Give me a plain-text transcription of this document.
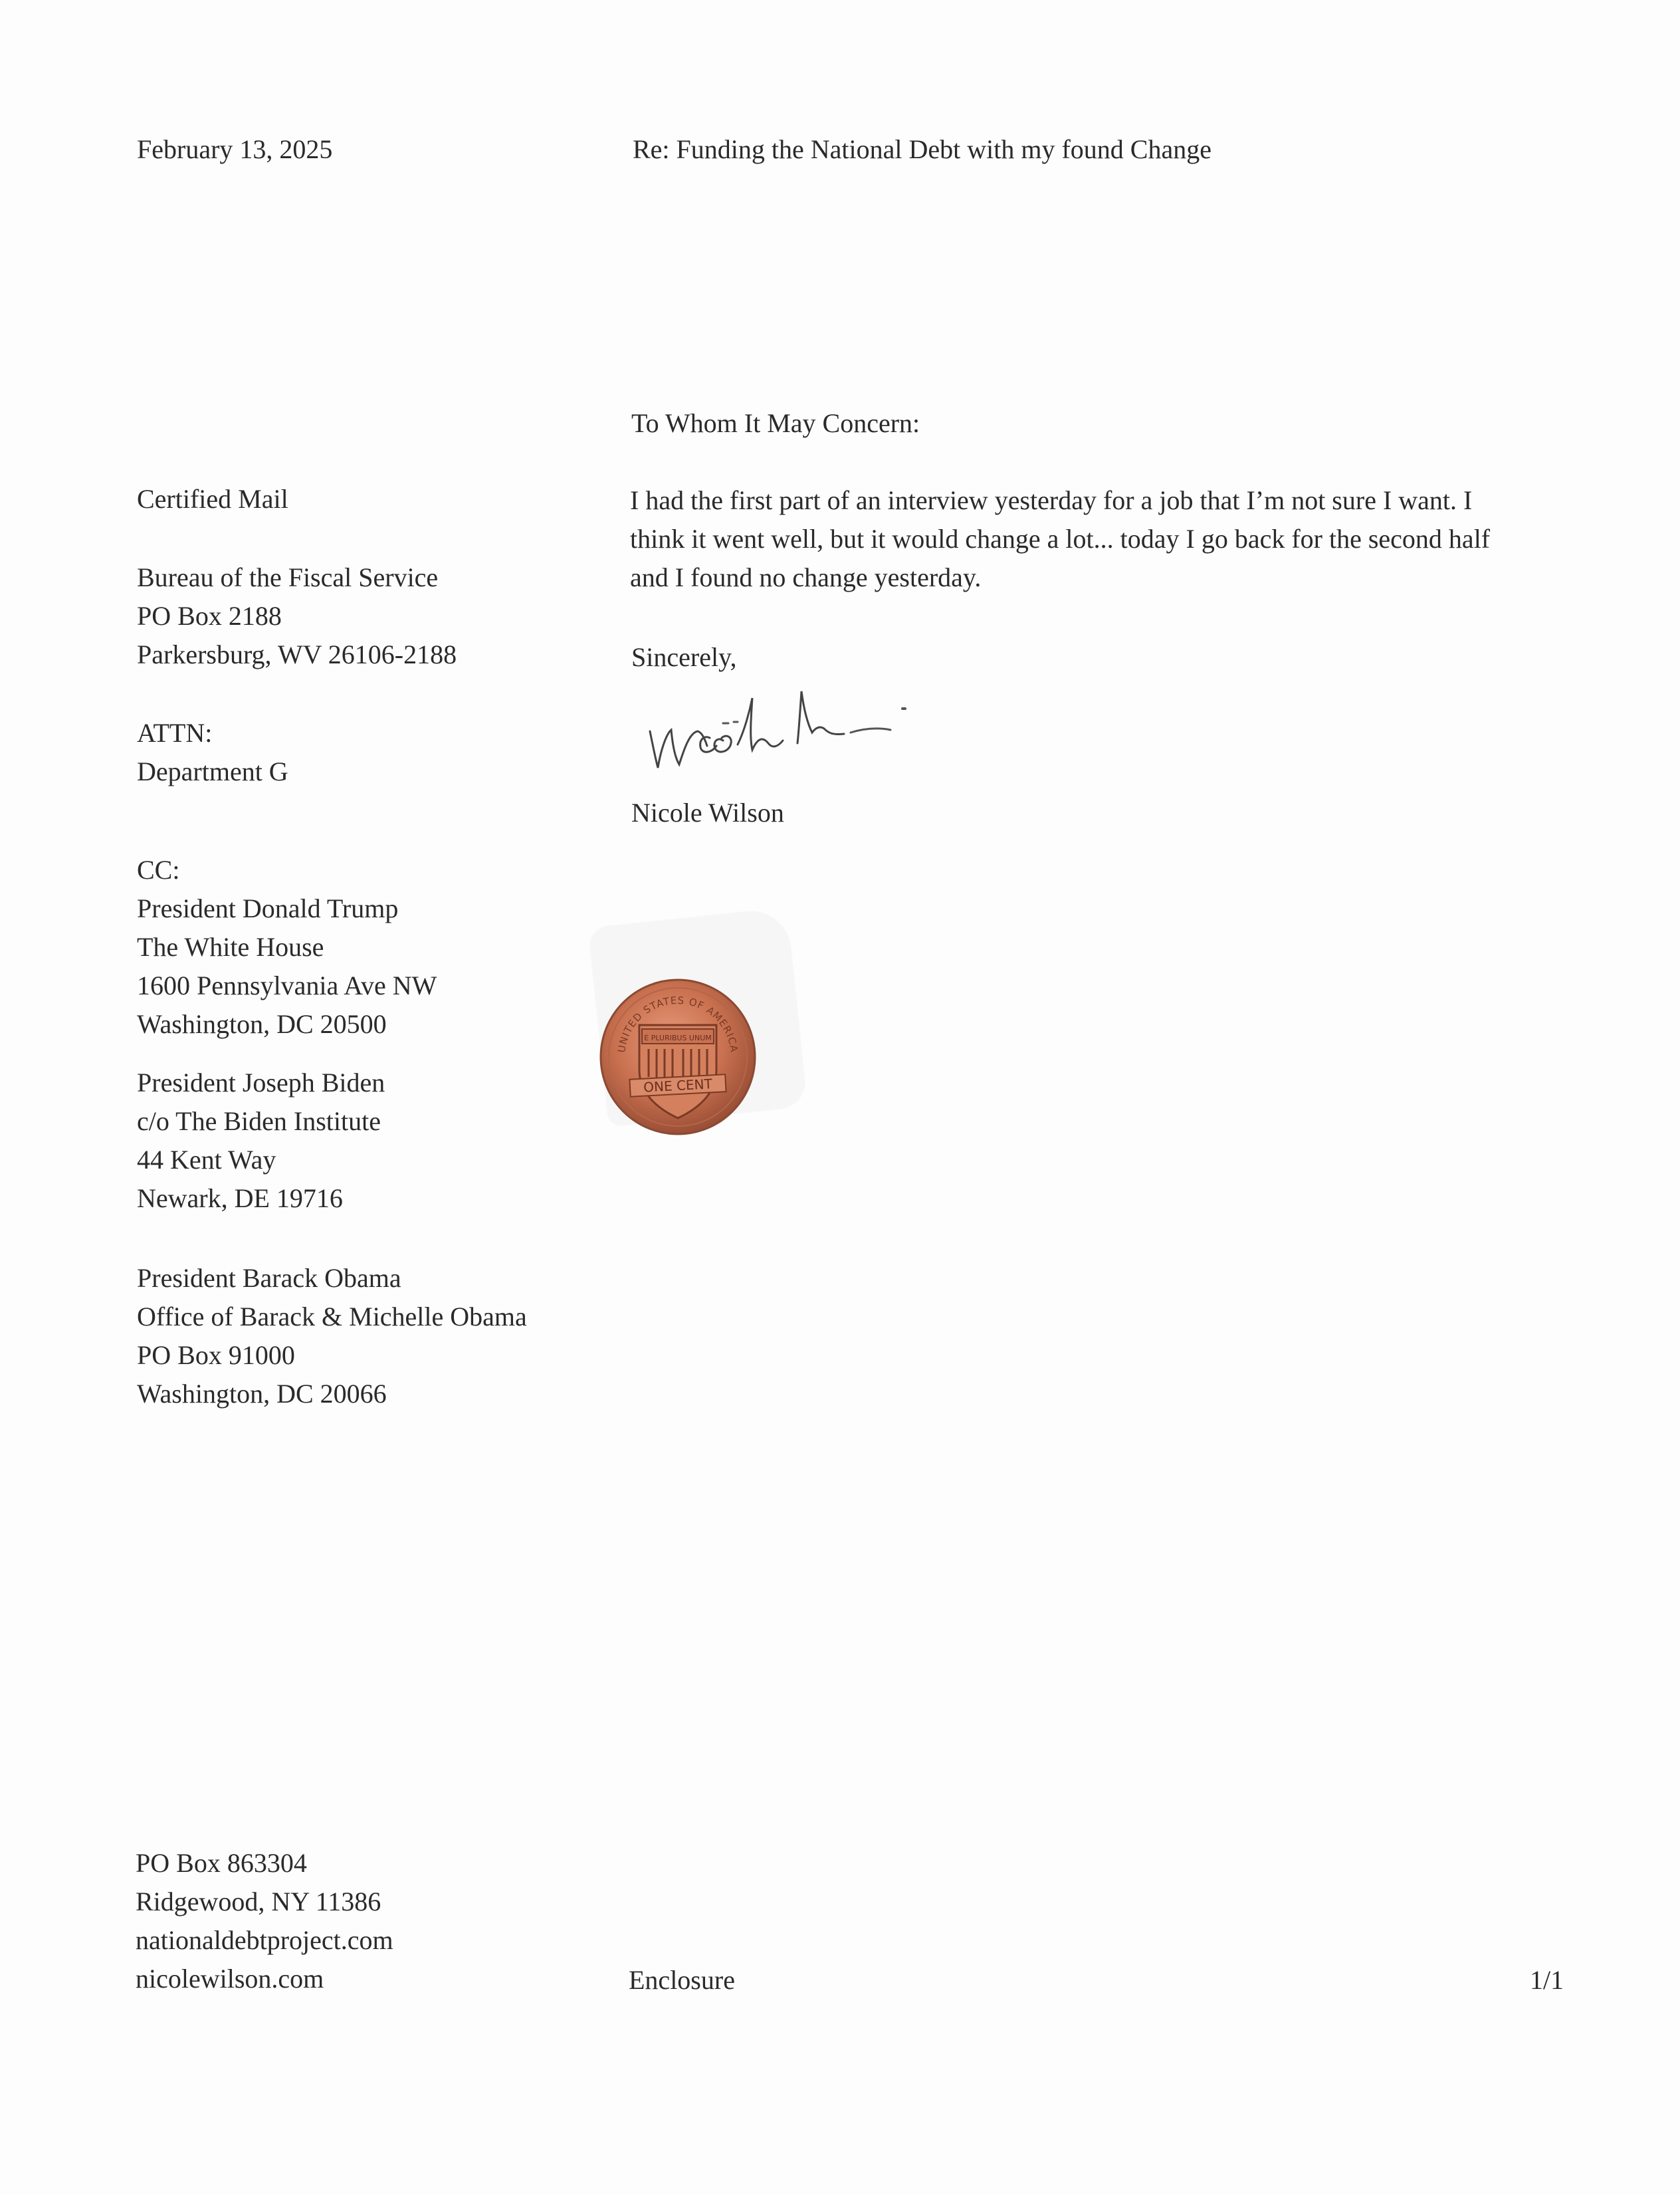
February 13, 2025	Re: Funding the National Debt with my found Change
To Whom It May Concern:
I had the first part of an interview yesterday for a job that I’m not sure I want. I
think it went well, but it would change a lot... today I go back for the second half
and I found no change yesterday.
Sincerely,
Nicole Wilson
Certified Mail
Bureau of the Fiscal Service
PO Box 2188
Parkersburg, WV 26106-2188
ATTN:
Department G
CC:
President Donald Trump
The White House
1600 Pennsylvania Ave NW
Washington, DC 20500
President Joseph Biden
c/o The Biden Institute
44 Kent Way
Newark, DE 19716
President Barack Obama
Office of Barack & Michelle Obama
PO Box 91000
Washington, DC 20066
UNITED STATES OF AMERICA
E PLURIBUS UNUM
ONE CENT
PO Box 863304
Ridgewood, NY 11386
nationaldebtproject.com
nicolewilson.com	Enclosure	1/1
